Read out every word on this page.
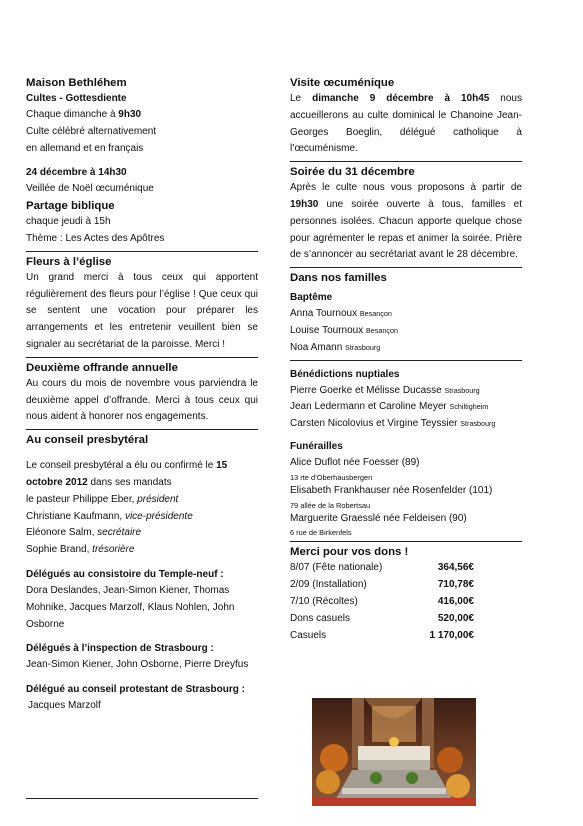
Maison Bethléhem

Cultes - Gottesdiente

Chaque dimanche à 9h30

Culte célébré alternativement

en allemand et en français

24 décembre à 14h30

Veillée de Noël œcuménique

Partage biblique

chaque jeudi à 15h

Thème : Les Actes des Apôtres

Fleurs à l’église

Un grand merci à tous ceux qui apportent régulièrement des fleurs pour l’église ! Que ceux qui se sentent une vocation pour préparer les arrangements et les entretenir veuillent bien se signaler au secrétariat de la paroisse. Merci !

Deuxième offrande annuelle

Au cours du mois de novembre vous parviendra le deuxième appel d’offrande. Merci à tous ceux qui nous aident à honorer nos engagements.

Au conseil presbytéral

Le conseil presbytéral a élu ou confirmé le 15 octobre 2012 dans ses mandats

le pasteur Philippe Eber, président

Christiane Kaufmann, vice-présidente

Eléonore Salm, secrétaire

Sophie Brand, trésorière

Délégués au consistoire du Temple-neuf :

Dora Deslandes, Jean-Simon Kiener, Thomas Mohnike, Jacques Marzolf, Klaus Nohlen, John Osborne

Délégués à l’inspection de Strasbourg :

Jean-Simon Kiener, John Osborne, Pierre Dreyfus

Délégué au conseil protestant de Strasbourg :

Jacques Marzolf

Visite œcuménique

Le dimanche 9 décembre à 10h45 nous accueillerons au culte dominical le Chanoine Jean-Georges Boeglin, délégué catholique à l’œcuménisme.

Soirée du 31 décembre

Après le culte nous vous proposons à partir de 19h30 une soirée ouverte à tous, familles et personnes isolées. Chacun apporte quelque chose pour agrémenter le repas et animer la soirée. Prière de s’annoncer au secrétariat avant le 28 décembre.

Dans nos familles

Baptême

Anna Tournoux Besançon

Louise Tournoux Besançon

Noa Amann Strasbourg

Bénédictions nuptiales

Pierre Goerke et Mélisse Ducasse Strasbourg

Jean Ledermann et Caroline Meyer Schiltigheim

Carsten Nicolovius et Virgine Teyssier Strasbourg

Funérailles

Alice Duflot née Foesser (89)

13 rte d’Oberhausbergen

Elisabeth Frankhauser née Rosenfelder (101)

79 allée de la Robertsau

Marguerite Graesslé née Feldeisen (90)

6 rue de Birkenfels

Merci pour vos dons !

8/07 (Fête nationale)	364,56€
2/09 (Installation)	710,78€
7/10 (Récoltes)	416,00€
Dons casuels	520,00€
Casuels	1 170,00€
